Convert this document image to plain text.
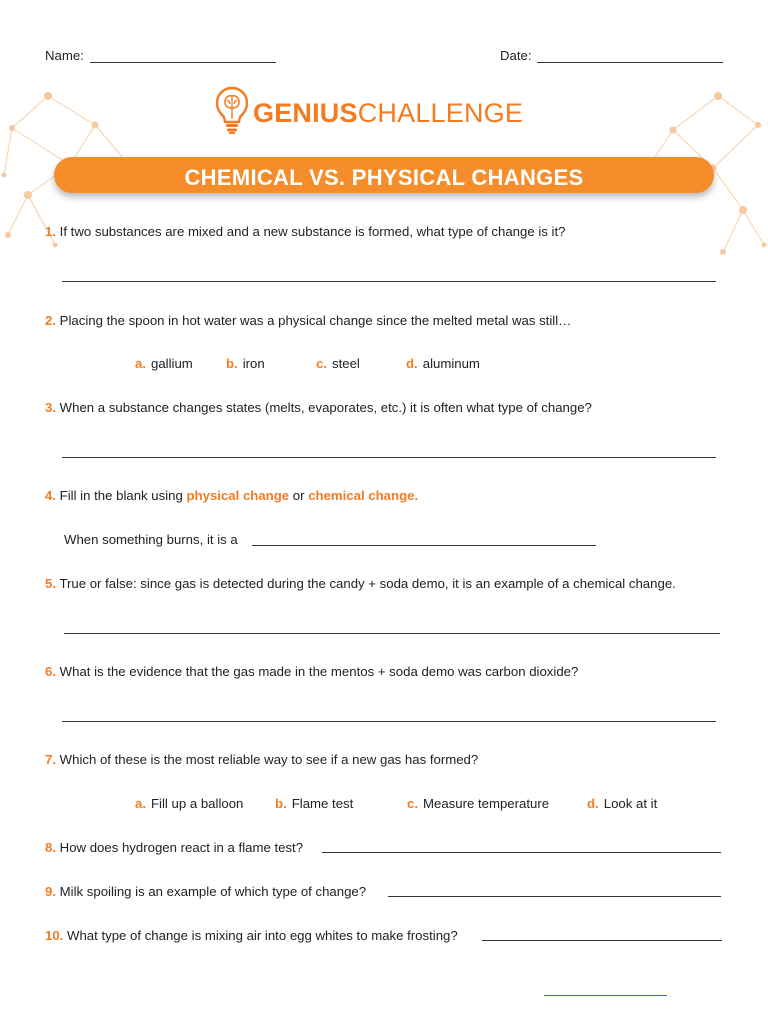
Name:	Date:
GENIUSCHALLENGE
CHEMICAL VS. PHYSICAL CHANGES
1. If two substances are mixed and a new substance is formed, what type of change is it?
2. Placing the spoon in hot water was a physical change since the melted metal was still…
a. gallium	b. iron	c. steel	d. aluminum
3. When a substance changes states (melts, evaporates, etc.) it is often what type of change?
4. Fill in the blank using physical change or chemical change.
When something burns, it is a
5. True or false: since gas is detected during the candy + soda demo, it is an example of a chemical change.
6. What is the evidence that the gas made in the mentos + soda demo was carbon dioxide?
7. Which of these is the most reliable way to see if a new gas has formed?
a. Fill up a balloon b. Flame test	c. Measure temperature	d. Look at it
8. How does hydrogen react in a flame test?
9. Milk spoiling is an example of which type of change?
10. What type of change is mixing air into egg whites to make frosting?
